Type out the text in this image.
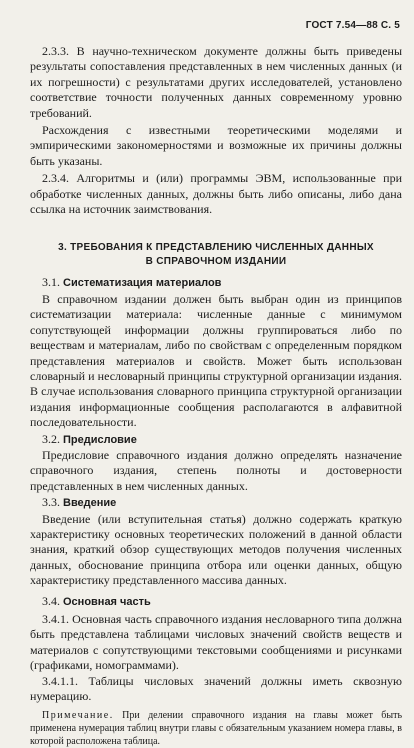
ГОСТ 7.54—88 С. 5

2.3.3. В научно-техническом документе должны быть приведены результаты сопоставления представленных в нем численных данных (и их погрешности) с результатами других исследователей, установлено соответствие точности полученных данных современному уровню требований.

Расхождения с известными теоретическими моделями и эмпирическими закономерностями и возможные их причины должны быть указаны.

2.3.4. Алгоритмы и (или) программы ЭВМ, использованные при обработке численных данных, должны быть либо описаны, либо дана ссылка на источник заимствования.

3. ТРЕБОВАНИЯ К ПРЕДСТАВЛЕНИЮ ЧИСЛЕННЫХ ДАННЫХ
В СПРАВОЧНОМ ИЗДАНИИ
3.1. Систематизация материалов

В справочном издании должен быть выбран один из принципов систематизации материала: численные данные с минимумом сопутствующей информации должны группироваться либо по веществам и материалам, либо по свойствам с определенным порядком представления материалов и свойств. Может быть использован словарный и несловарный принципы структурной организации издания. В случае использования словарного принципа структурной организации издания информационные сообщения располагаются в алфавитной последовательности.

3.2. Предисловие

Предисловие справочного издания должно определять назначение справочного издания, степень полноты и достоверности представленных в нем численных данных.

3.3. Введение

Введение (или вступительная статья) должно содержать краткую характеристику основных теоретических положений в данной области знания, краткий обзор существующих методов получения численных данных, обоснование принципа отбора или оценки данных, общую характеристику представленного массива данных.

3.4. Основная часть

3.4.1. Основная часть справочного издания несловарного типа должна быть представлена таблицами числовых значений свойств веществ и материалов с сопутствующими текстовыми сообщениями и рисунками (графиками, номограммами).

3.4.1.1. Таблицы числовых значений должны иметь сквозную нумерацию.

Примечание. При делении справочного издания на главы может быть применена нумерация таблиц внутри главы с обязательным указанием номера главы, в которой расположена таблица.
